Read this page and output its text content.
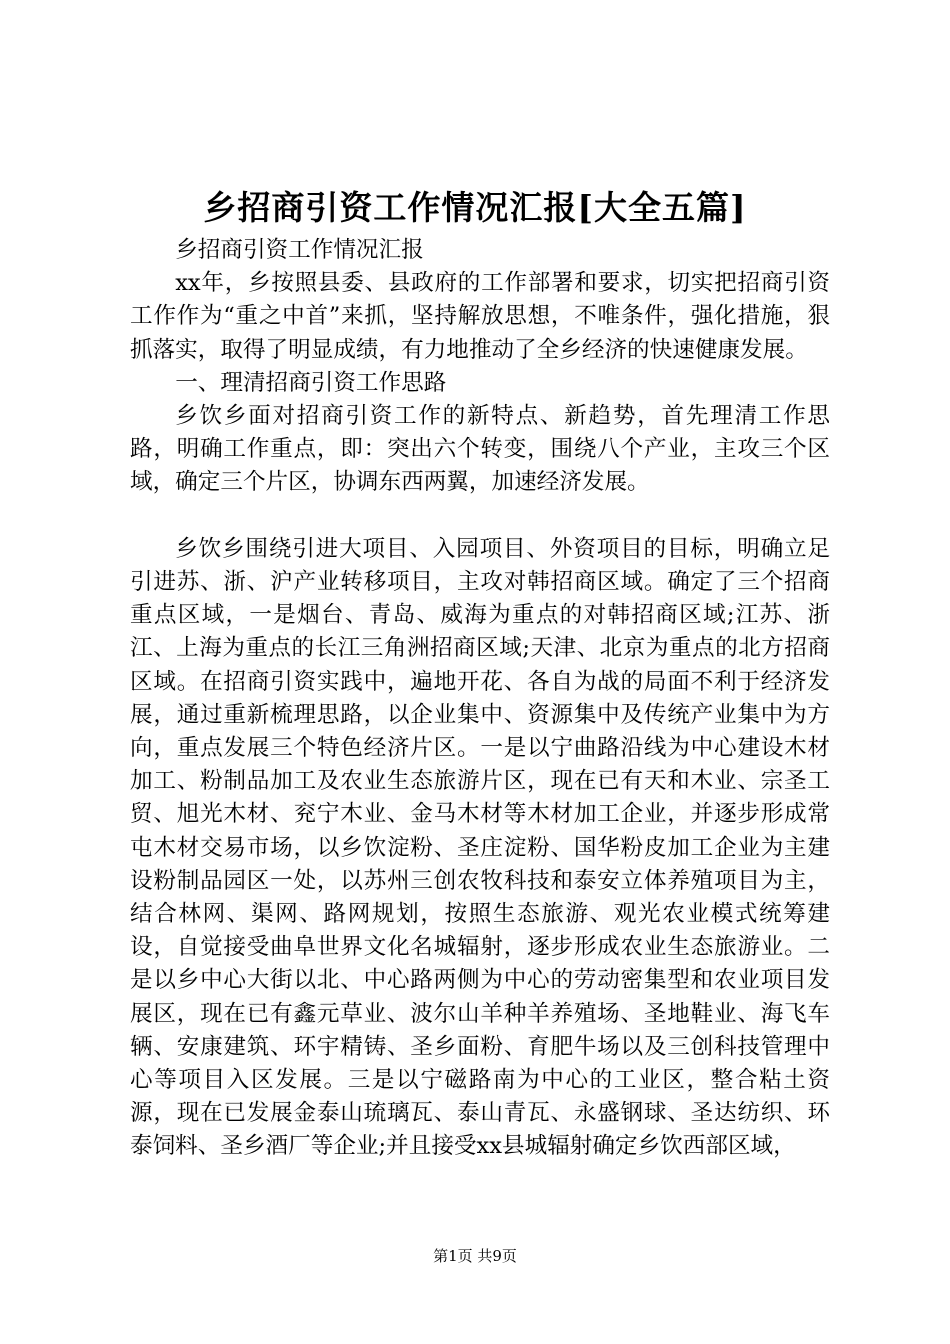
乡招商引资工作情况汇报[大全五篇]

乡招商引资工作情况汇报

xx年，乡按照县委、县政府的工作部署和要求，切实把招商引资工作作为“重之中首”来抓，坚持解放思想，不唯条件，强化措施，狠抓落实，取得了明显成绩，有力地推动了全乡经济的快速健康发展。

一、理清招商引资工作思路

乡饮乡面对招商引资工作的新特点、新趋势，首先理清工作思路，明确工作重点，即：突出六个转变，围绕八个产业，主攻三个区域，确定三个片区，协调东西两翼，加速经济发展。

乡饮乡围绕引进大项目、入园项目、外资项目的目标，明确立足引进苏、浙、沪产业转移项目，主攻对韩招商区域。确定了三个招商重点区域，一是烟台、青岛、威海为重点的对韩招商区域;江苏、浙江、上海为重点的长江三角洲招商区域;天津、北京为重点的北方招商区域。在招商引资实践中，遍地开花、各自为战的局面不利于经济发展，通过重新梳理思路，以企业集中、资源集中及传统产业集中为方向，重点发展三个特色经济片区。一是以宁曲路沿线为中心建设木材加工、粉制品加工及农业生态旅游片区，现在已有天和木业、宗圣工贸、旭光木材、兖宁木业、金马木材等木材加工企业，并逐步形成常屯木材交易市场，以乡饮淀粉、圣庄淀粉、国华粉皮加工企业为主建设粉制品园区一处，以苏州三创农牧科技和泰安立体养殖项目为主，结合林网、渠网、路网规划，按照生态旅游、观光农业模式统筹建设，自觉接受曲阜世界文化名城辐射，逐步形成农业生态旅游业。二是以乡中心大街以北、中心路两侧为中心的劳动密集型和农业项目发展区，现在已有鑫元草业、波尔山羊种羊养殖场、圣地鞋业、海飞车辆、安康建筑、环宇精铸、圣乡面粉、育肥牛场以及三创科技管理中心等项目入区发展。三是以宁磁路南为中心的工业区，整合粘土资源，现在已发展金泰山琉璃瓦、泰山青瓦、永盛钢球、圣达纺织、环泰饲料、圣乡酒厂等企业;并且接受xx县城辐射确定乡饮西部区域，

第1页 共9页
